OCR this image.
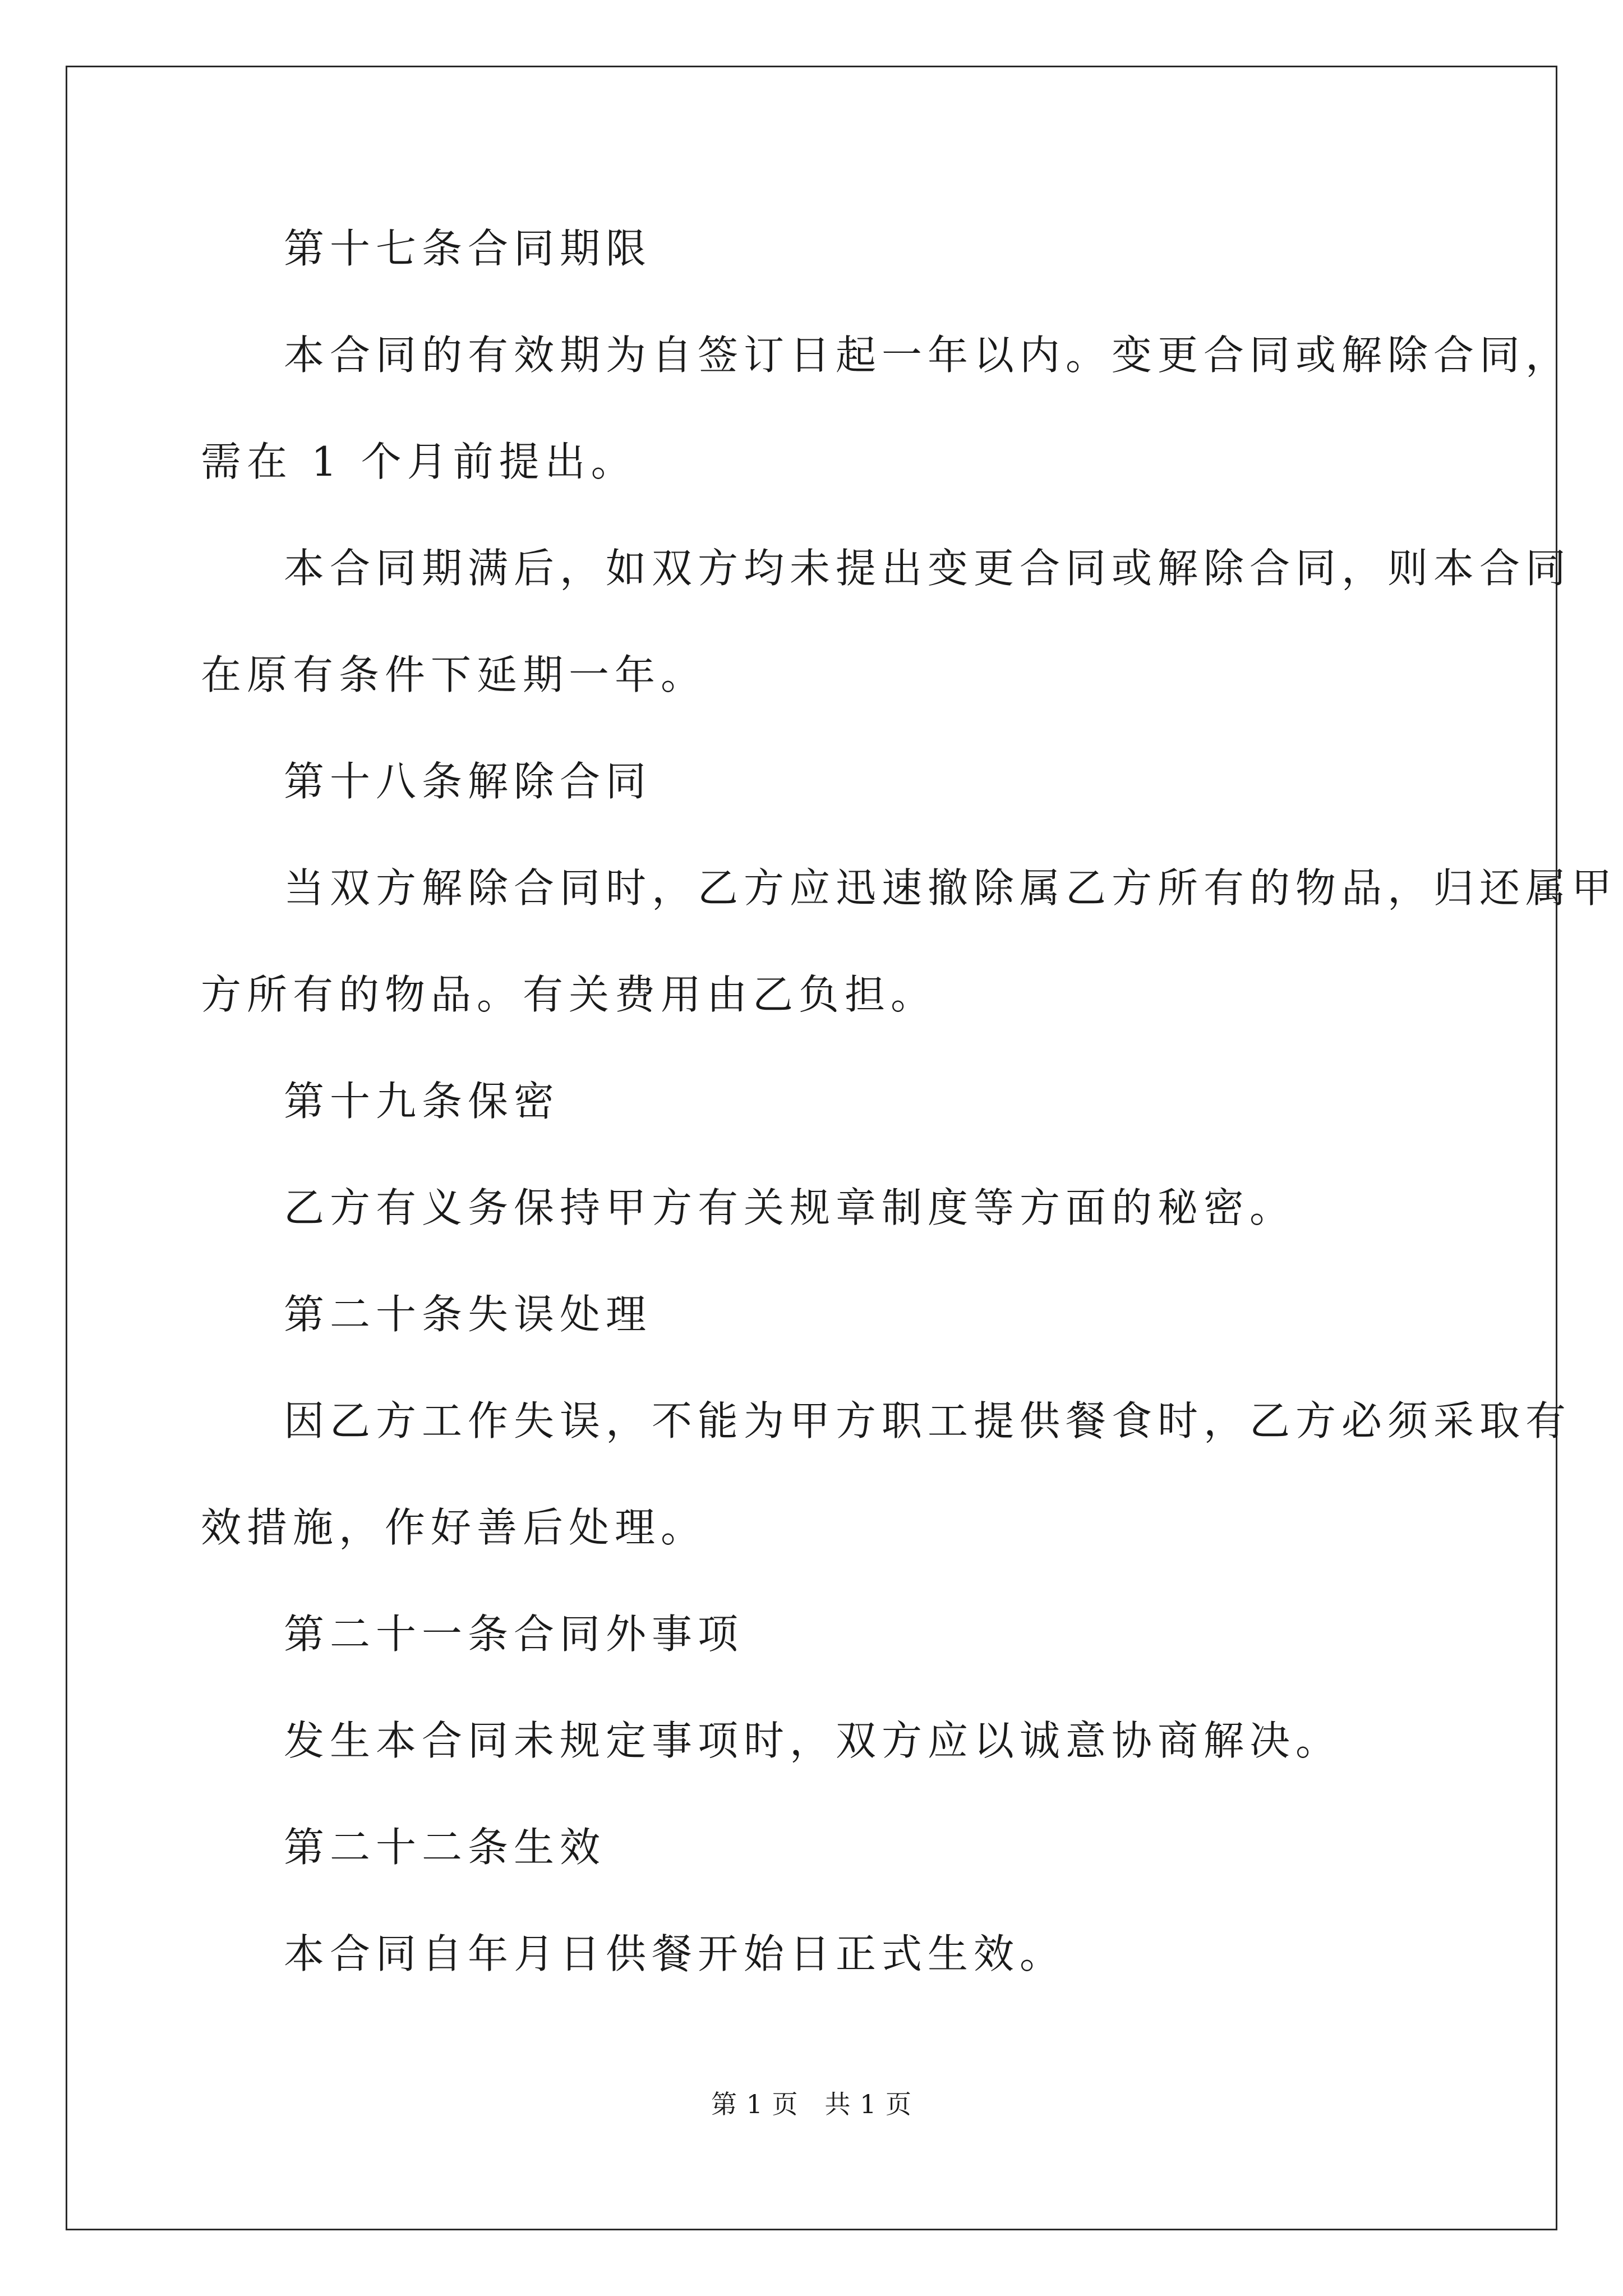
第十七条合同期限
本合同的有效期为自签订日起一年以内。变更合同或解除合同，
需在 1 个月前提出。
本合同期满后，如双方均未提出变更合同或解除合同，则本合同
在原有条件下延期一年。
第十八条解除合同
当双方解除合同时，乙方应迅速撤除属乙方所有的物品，归还属甲
方所有的物品。有关费用由乙负担。
第十九条保密
乙方有义务保持甲方有关规章制度等方面的秘密。
第二十条失误处理
因乙方工作失误，不能为甲方职工提供餐食时，乙方必须采取有
效措施，作好善后处理。
第二十一条合同外事项
发生本合同未规定事项时，双方应以诚意协商解决。
第二十二条生效
本合同自年月日供餐开始日正式生效。
第 1 页　共 1 页
